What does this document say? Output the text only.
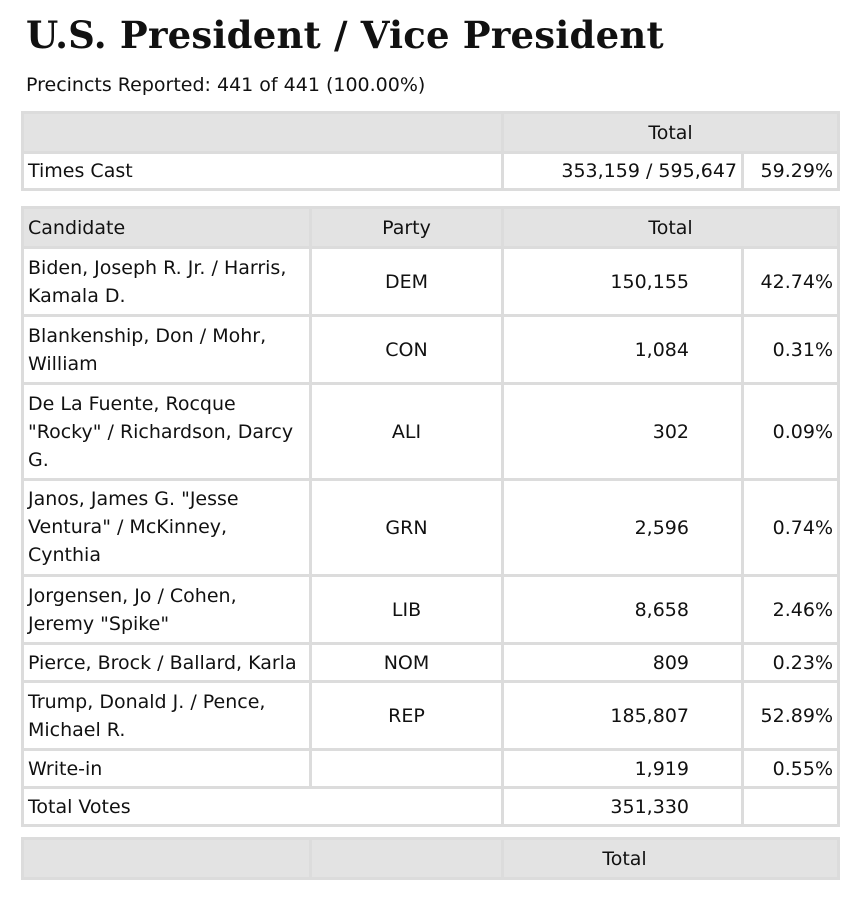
U.S. President / Vice President
Precincts Reported: 441 of 441 (100.00%)
	Total	
Times Cast	353,159 / 595,647	59.29%
Candidate	Party	Total	
Biden, Joseph R. Jr. / Harris, Kamala D.	DEM	150,155	42.74%
Blankenship, Don / Mohr, William	CON	1,084	0.31%
De La Fuente, Rocque "Rocky" / Richardson, Darcy G.	ALI	302	0.09%
Janos, James G. "Jesse Ventura" / McKinney, Cynthia	GRN	2,596	0.74%
Jorgensen, Jo / Cohen, Jeremy "Spike"	LIB	8,658	2.46%
Pierce, Brock / Ballard, Karla	NOM	809	0.23%
Trump, Donald J. / Pence, Michael R.	REP	185,807	52.89%
Write-in		1,919	0.55%
Total Votes		351,330	
		Total
